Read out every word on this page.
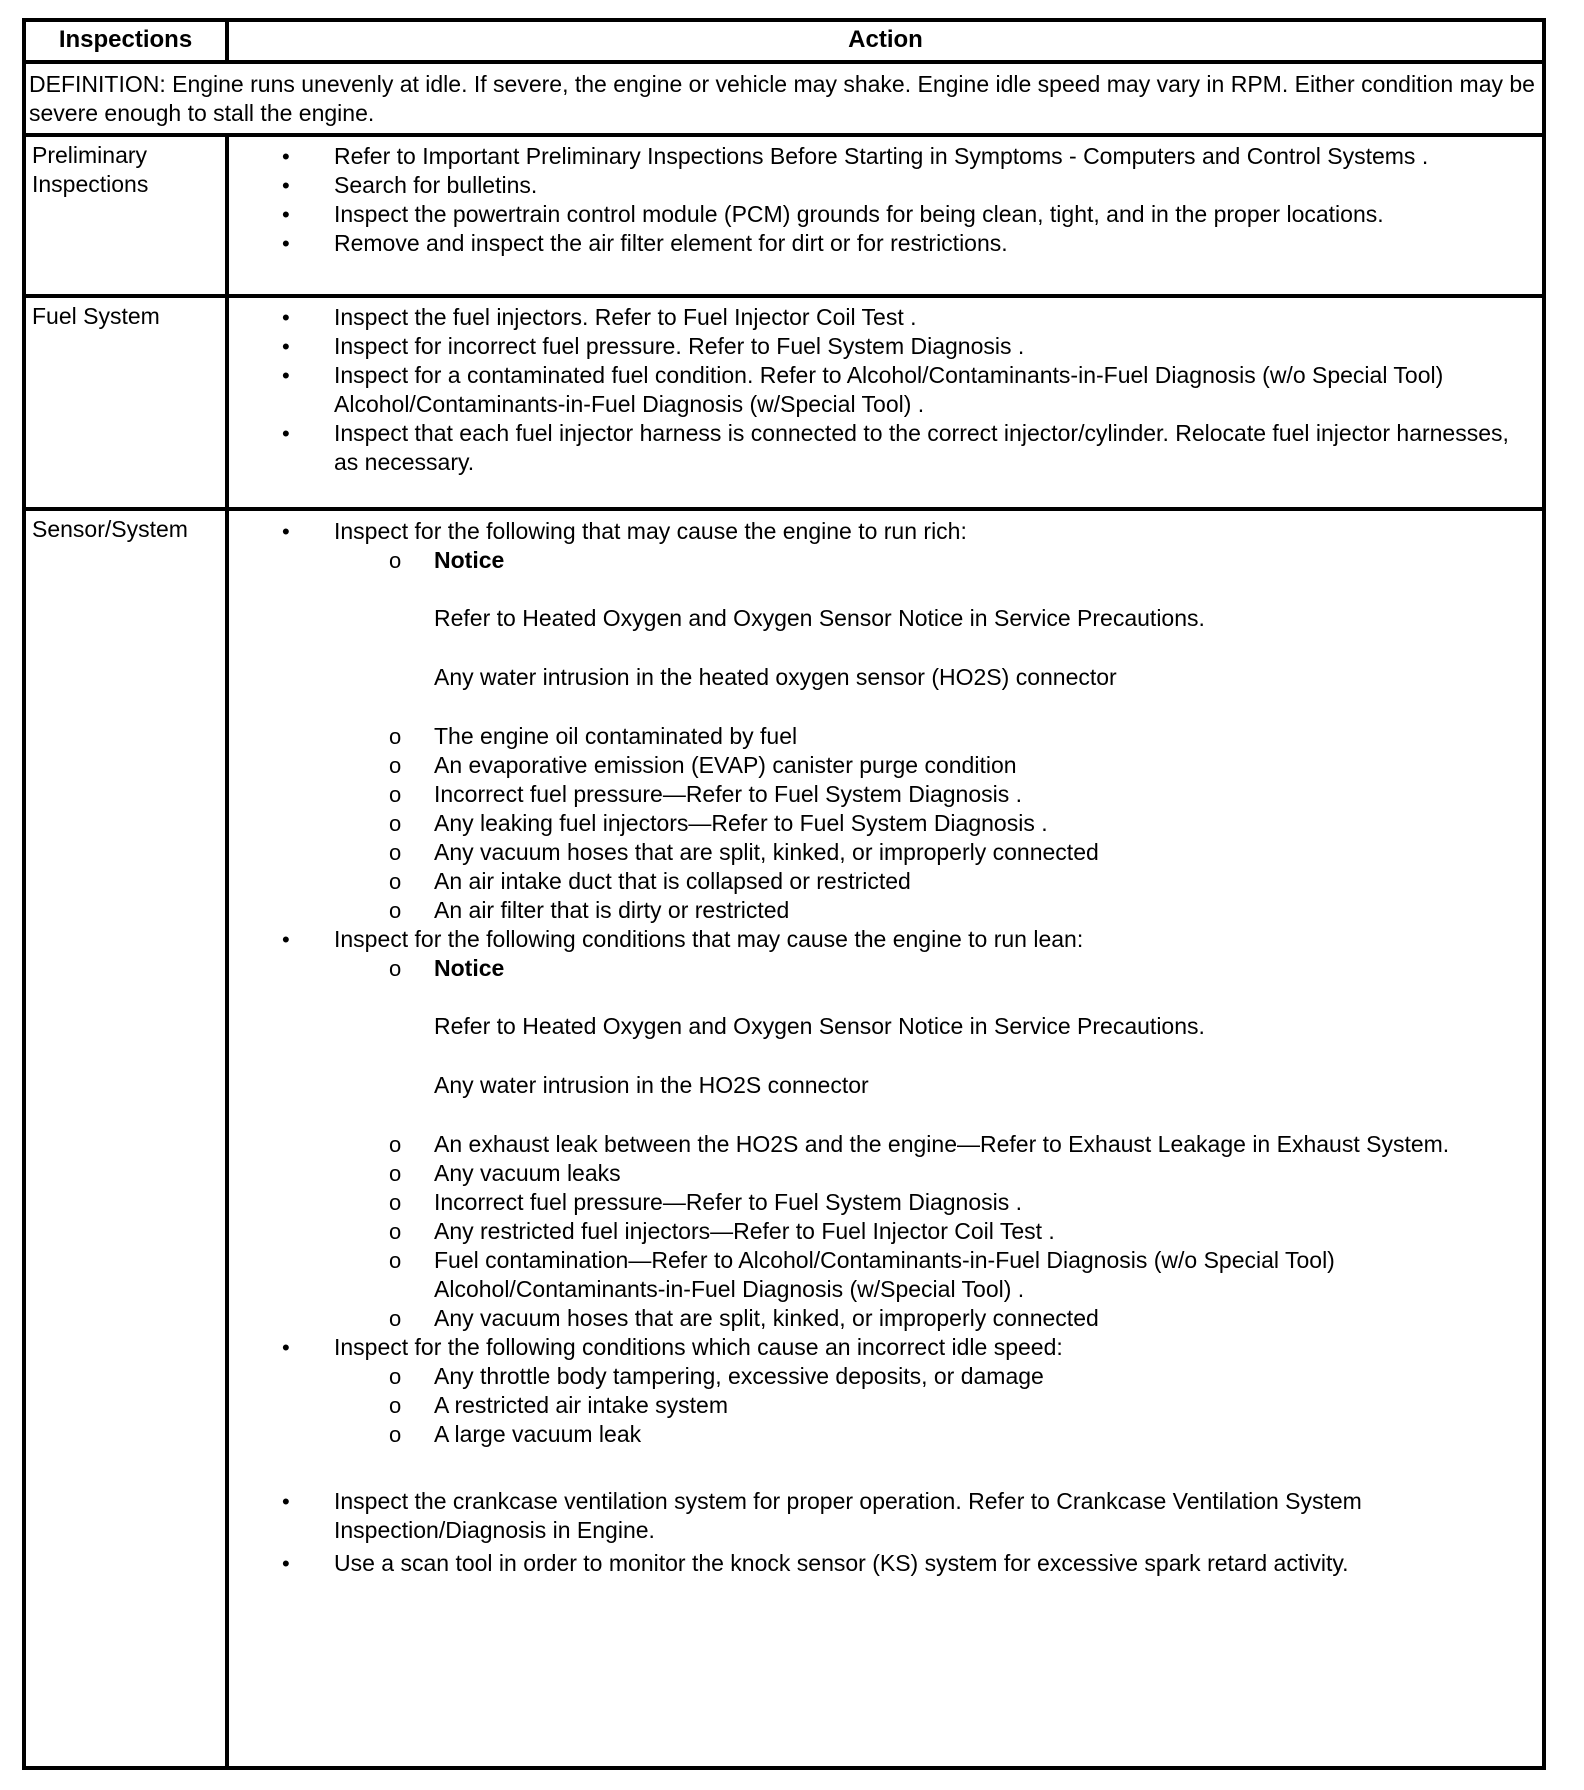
Inspections	Action
DEFINITION: Engine runs unevenly at idle. If severe, the engine or vehicle may shake. Engine idle speed may vary in RPM. Either condition may be severe enough to stall the engine.
Preliminary Inspections
•	Refer to Important Preliminary Inspections Before Starting in Symptoms - Computers and Control Systems .
•	Search for bulletins.
•	Inspect the powertrain control module (PCM) grounds for being clean, tight, and in the proper locations.
•	Remove and inspect the air filter element for dirt or for restrictions.
Fuel System	•	Inspect the fuel injectors. Refer to Fuel Injector Coil Test .
•	Inspect for incorrect fuel pressure. Refer to Fuel System Diagnosis .
•	Inspect for a contaminated fuel condition. Refer to Alcohol/Contaminants-in-Fuel Diagnosis (w/o Special Tool) Alcohol/Contaminants-in-Fuel Diagnosis (w/Special Tool) .
•	Inspect that each fuel injector harness is connected to the correct injector/cylinder. Relocate fuel injector harnesses, as necessary.
Sensor/System	•	Inspect for the following that may cause the engine to run rich:
o Notice
Refer to Heated Oxygen and Oxygen Sensor Notice in Service Precautions.
Any water intrusion in the heated oxygen sensor (HO2S) connector
o The engine oil contaminated by fuel
o An evaporative emission (EVAP) canister purge condition
o Incorrect fuel pressure—Refer to Fuel System Diagnosis .
o Any leaking fuel injectors—Refer to Fuel System Diagnosis .
o Any vacuum hoses that are split, kinked, or improperly connected
o An air intake duct that is collapsed or restricted
o An air filter that is dirty or restricted
•	Inspect for the following conditions that may cause the engine to run lean:
o Notice
Refer to Heated Oxygen and Oxygen Sensor Notice in Service Precautions.
Any water intrusion in the HO2S connector
o An exhaust leak between the HO2S and the engine—Refer to Exhaust Leakage in Exhaust System.
o Any vacuum leaks
o Incorrect fuel pressure—Refer to Fuel System Diagnosis .
o Any restricted fuel injectors—Refer to Fuel Injector Coil Test .
o Fuel contamination—Refer to Alcohol/Contaminants-in-Fuel Diagnosis (w/o Special Tool) Alcohol/Contaminants-in-Fuel Diagnosis (w/Special Tool) .
o Any vacuum hoses that are split, kinked, or improperly connected
•	Inspect for the following conditions which cause an incorrect idle speed:
o Any throttle body tampering, excessive deposits, or damage
o A restricted air intake system
o A large vacuum leak
•	Inspect the crankcase ventilation system for proper operation. Refer to Crankcase Ventilation System Inspection/Diagnosis in Engine.
•	Use a scan tool in order to monitor the knock sensor (KS) system for excessive spark retard activity.
